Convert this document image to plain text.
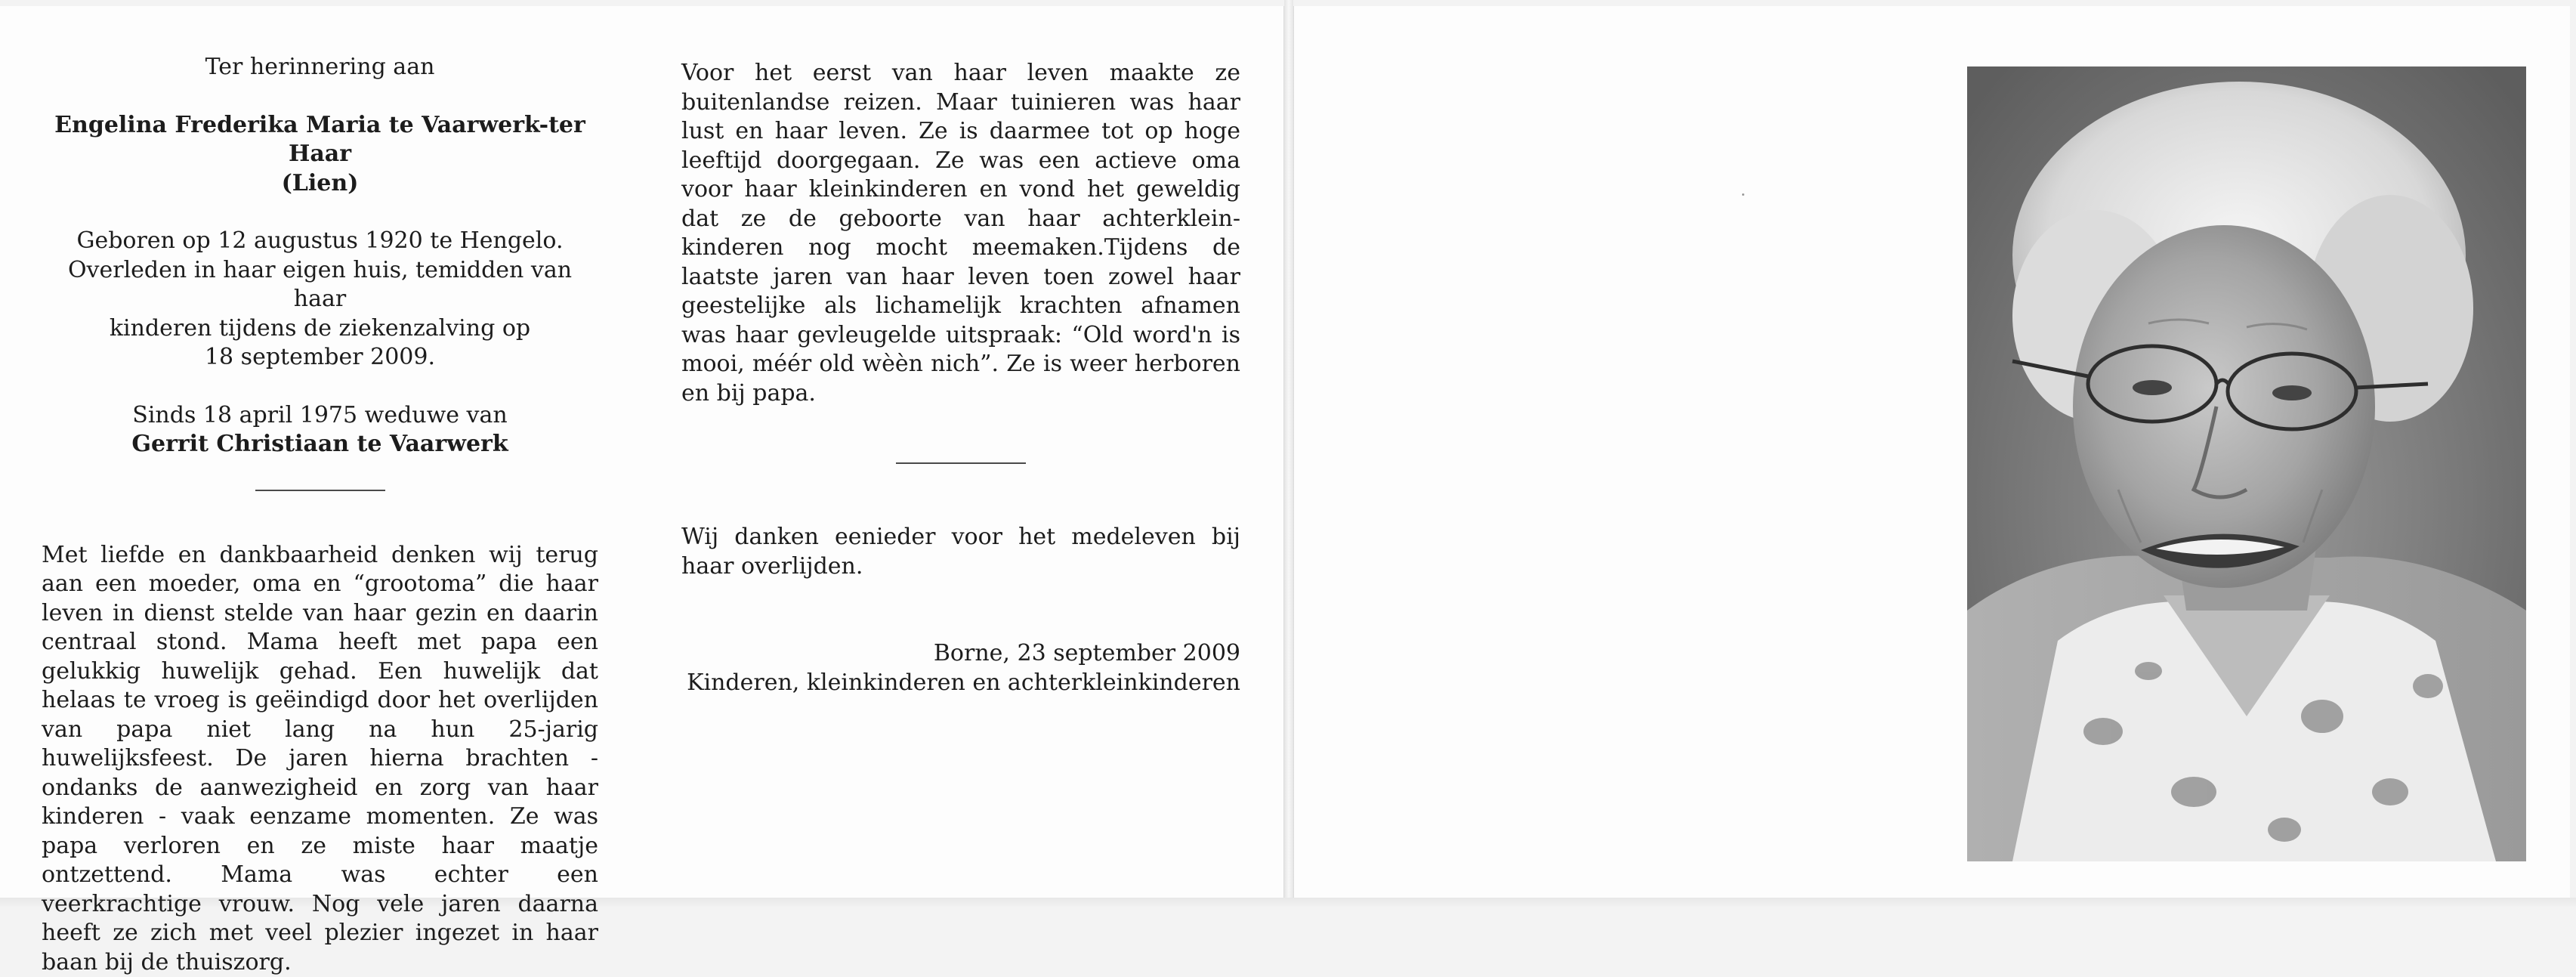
Ter herinnering aan

Engelina Frederika Maria te Vaarwerk-ter Haar

(Lien)

Geboren op 12 augustus 1920 te Hengelo.

Overleden in haar eigen huis, temidden van haar

kinderen tijdens de ziekenzalving op

18 september 2009.

Sinds 18 april 1975 weduwe van

Gerrit Christiaan te Vaarwerk

Met liefde en dankbaarheid denken wij terug aan een moeder, oma en “grootoma” die haar leven in dienst stelde van haar gezin en daarin centraal stond. Mama heeft met papa een gelukkig huwelijk gehad. Een huwelijk dat helaas te vroeg is geëindigd door het overlijden van papa niet lang na hun 25-jarig huwelijksfeest. De jaren hierna brachten - ondanks de aanwezigheid en zorg van haar kinderen - vaak eenzame momenten. Ze was papa verloren en ze miste haar maatje ontzettend. Mama was echter een veerkrachtige vrouw. Nog vele jaren daarna heeft ze zich met veel plezier ingezet in haar baan bij de thuiszorg.

Voor het eerst van haar leven maakte ze buitenlandse reizen. Maar tuinieren was haar lust en haar leven. Ze is daarmee tot op hoge leeftijd doorgegaan. Ze was een actieve oma voor haar kleinkinderen en vond het geweldig dat ze de geboorte van haar achterklein-kinderen nog mocht meemaken.Tijdens de laatste jaren van haar leven toen zowel haar geestelijke als lichamelijk krachten afnamen was haar gevleugelde uitspraak: “Old word'n is mooi, méér old wèèn nich”. Ze is weer herboren en bij papa.

Wij danken eenieder voor het medeleven bij haar overlijden.

Borne, 23 september 2009

Kinderen, kleinkinderen en achterkleinkinderen
